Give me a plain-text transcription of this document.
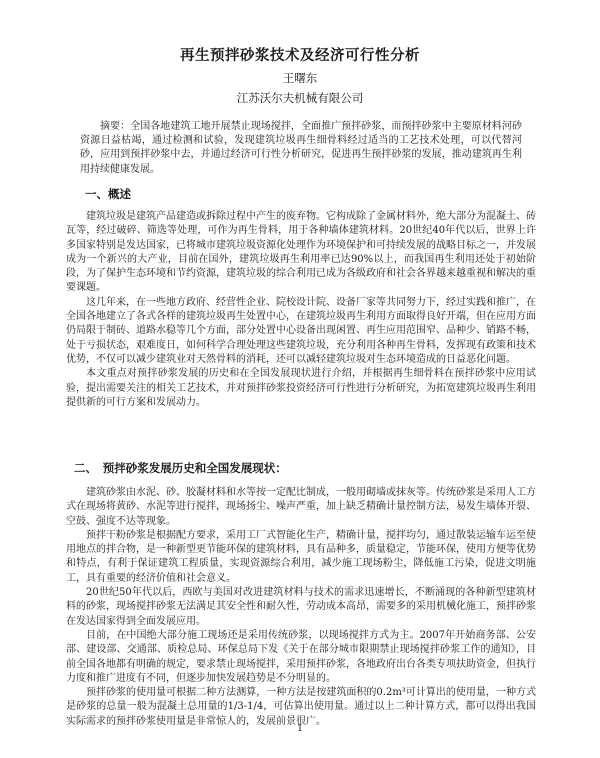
再生预拌砂浆技术及经济可行性分析
王曙东
江苏沃尔夫机械有限公司

摘要：全国各地建筑工地开展禁止现场搅拌，全面推广预拌砂浆，而预拌砂浆中主要原材料河砂资源日益枯竭，通过检测和试验，发现建筑垃圾再生细骨料经过适当的工艺技术处理，可以代替河砂，应用到预拌砂浆中去，并通过经济可行性分析研究，促进再生预拌砂浆的发展，推动建筑再生利用持续健康发展。

一、概述

建筑垃圾是建筑产品建造或拆除过程中产生的废弃物。它构成除了金属材料外，绝大部分为混凝土、砖瓦等，经过破碎、筛选等处理，可作为再生骨料，用于各种墙体建筑材料。20世纪40年代以后，世界上许多国家特别是发达国家，已将城市建筑垃圾资源化处理作为环境保护和可持续发展的战略目标之一，并发展成为一个新兴的大产业，目前在国外，建筑垃圾再生利用率已达90%以上，而我国再生利用还处于初始阶段，为了保护生态环境和节约资源，建筑垃圾的综合利用已成为各级政府和社会各界越来越重视和解决的重要课题。

这几年来，在一些地方政府、经营性企业、院校设计院、设备厂家等共同努力下，经过实践和推广，在全国各地建立了各式各样的建筑垃圾再生处置中心，在建筑垃圾再生利用方面取得良好开端，但在应用方面仍局限于制砖、道路水稳等几个方面，部分处置中心设备出现闲置、再生应用范围窄、品种少、销路不畅，处于亏损状态，艰难度日，如何科学合理处理这些建筑垃圾，充分利用各种再生骨料，发挥现有政策和技术优势，不仅可以减少建筑业对天然骨料的消耗，还可以减轻建筑垃圾对生态环境造成的日益恶化问题。

本文重点对预拌砂浆发展的历史和在全国发展现状进行介绍，并根据再生细骨料在预拌砂浆中应用试验，提出需要关注的相关工艺技术，并对预拌砂浆投资经济可行性进行分析研究，为拓宽建筑垃圾再生利用提供新的可行方案和发展动力。

二、　预拌砂浆发展历史和全国发展现状：

建筑砂浆由水泥、砂、胶凝材料和水等按一定配比制成，一般用砌墙或抹灰等。传统砂浆是采用人工方式在现场将黄砂、水泥等进行搅拌，现场扬尘、噪声严重，加上缺乏精确计量控制方法，易发生墙体开裂、空鼓、强度不达等现象。

预拌干粉砂浆是根据配方要求，采用工厂式智能化生产，精确计量，搅拌均匀，通过散装运输车运至使用地点的拌合物，是一种新型更节能环保的建筑材料，具有品种多，质量稳定，节能环保，使用方便等优势和特点，有利于保证建筑工程质量，实现资源综合利用，减少施工现场粉尘，降低施工污染，促进文明施工，具有重要的经济价值和社会意义。

20世纪50年代以后，西欧与美国对改进建筑材料与技术的需求迅速增长，不断涌现的各种新型建筑材料的砂浆，现场搅拌砂浆无法满足其安全性和耐久性，劳动成本高昂，需要多的采用机械化施工，预拌砂浆在发达国家得到全面发展应用。

目前，在中国绝大部分施工现场还是采用传统砂浆，以现场搅拌方式为主。2007年开始商务部、公安部、建设部、交通部、质检总局、环保总局下发《关于在部分城市限期禁止现场搅拌砂浆工作的通知》，目前全国各地都有明确的规定，要求禁止现场搅拌，采用预拌砂浆，各地政府出台各类专项扶助资金，但执行力度和推广进度有不同，但逐步加快发展趋势是不分明显的。

预拌砂浆的使用量可根据二种方法测算，一种方法是按建筑面积的0.2m³可计算出的使用量，一种方式是砂浆的总量一般为混凝土总用量的1/3-1/4，可估算出使用量。通过以上二种计算方式，都可以得出我国实际需求的预拌砂浆使用量是非常惊人的，发展前景很广。

1
